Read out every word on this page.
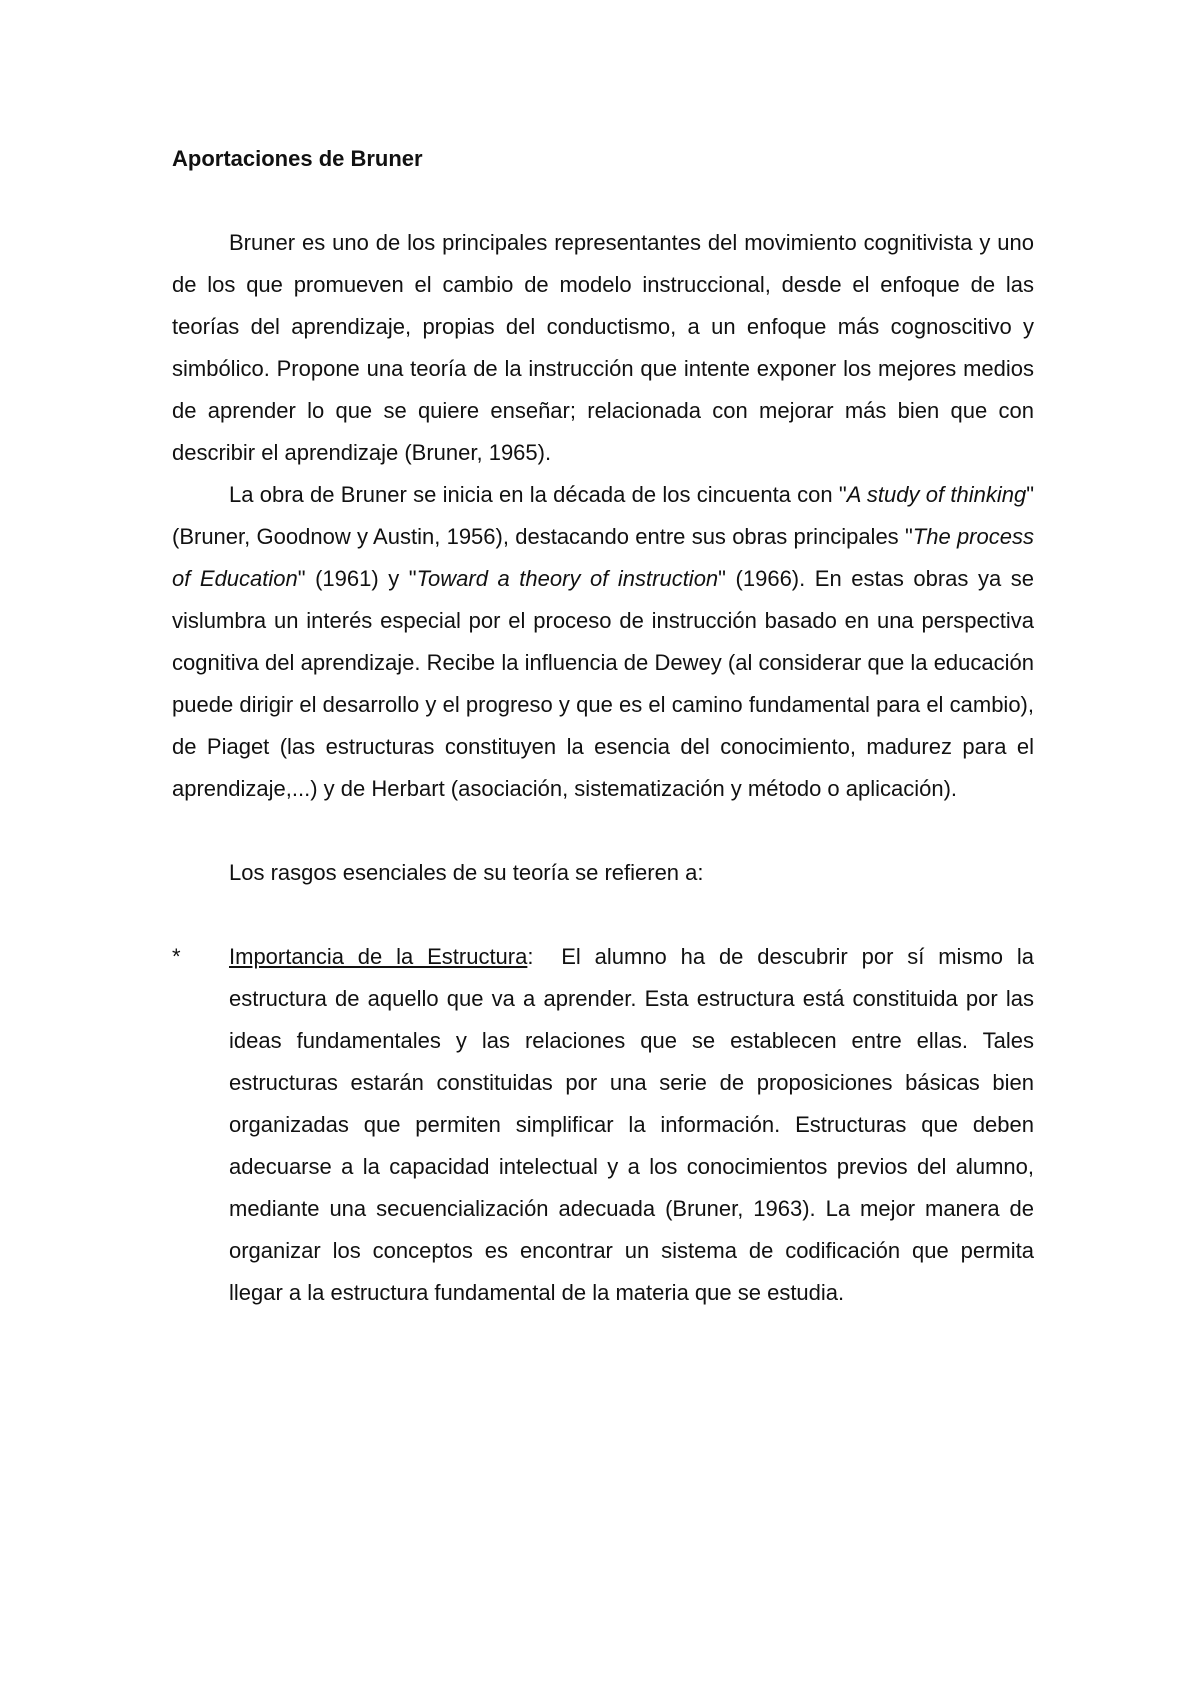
Aportaciones de Bruner

Bruner es uno de los principales representantes del movimiento cognitivista y uno de los que promueven el cambio de modelo instruccional, desde el enfoque de las teorías del aprendizaje, propias del conductismo, a un enfoque más cognoscitivo y simbólico. Propone una teoría de la instrucción que intente exponer los mejores medios de aprender lo que se quiere enseñar; relacionada con mejorar más bien que con describir el aprendizaje (Bruner, 1965).

La obra de Bruner se inicia en la década de los cincuenta con "A study of thinking" (Bruner, Goodnow y Austin, 1956), destacando entre sus obras principales "The process of Education" (1961) y "Toward a theory of instruction" (1966). En estas obras ya se vislumbra un interés especial por el proceso de instrucción basado en una perspectiva cognitiva del aprendizaje. Recibe la influencia de Dewey (al considerar que la educación puede dirigir el desarrollo y el progreso y que es el camino fundamental para el cambio), de Piaget (las estructuras constituyen la esencia del conocimiento, madurez para el aprendizaje,...) y de Herbart (asociación, sistematización y método o aplicación).

Los rasgos esenciales de su teoría se refieren a:

* Importancia de la Estructura:  El alumno ha de descubrir por sí mismo la estructura de aquello que va a aprender. Esta estructura está constituida por las ideas fundamentales y las relaciones que se establecen entre ellas. Tales estructuras estarán constituidas por una serie de proposiciones básicas bien organizadas que permiten simplificar la información. Estructuras que deben adecuarse a la capacidad intelectual y a los conocimientos previos del alumno, mediante una secuencialización adecuada (Bruner, 1963). La mejor manera de organizar los conceptos es encontrar un sistema de codificación que permita llegar a la estructura fundamental de la materia que se estudia.
